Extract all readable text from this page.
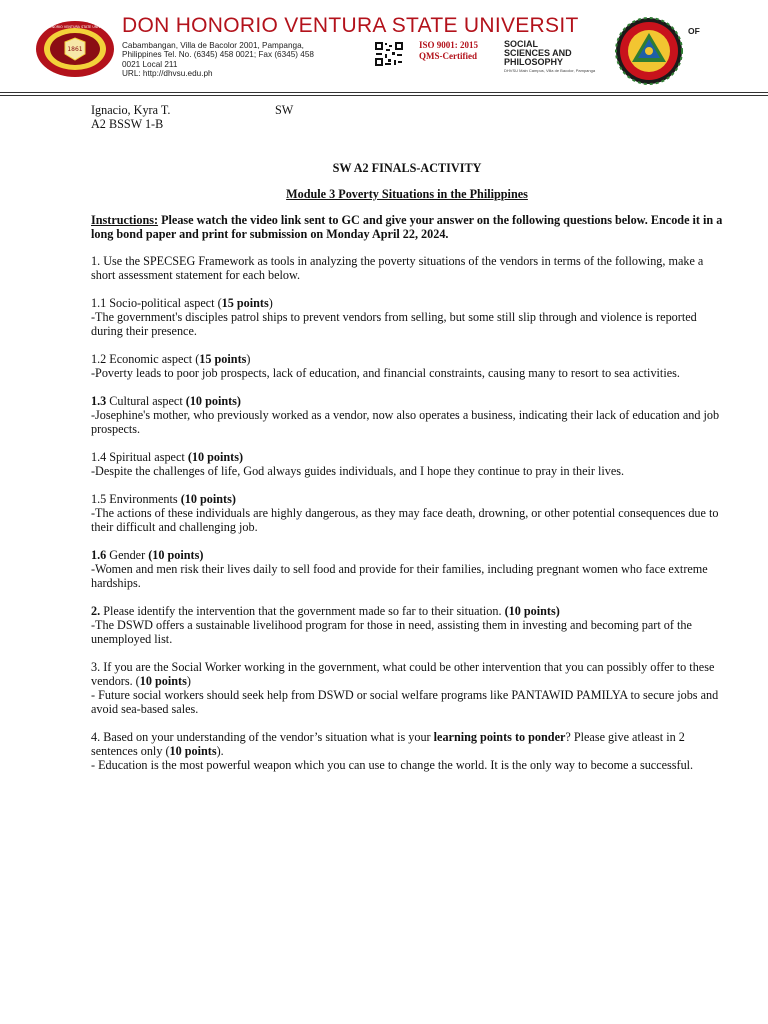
1861
DON HONORIO VENTURA STATE UNIVERSITY DON HONORIO VENTURA STATE UNIVERSIT
Cabambangan, Villa de Bacolor 2001, Pampanga,
Philippines Tel. No. (6345) 458 0021; Fax (6345) 458
0021 Local 211
URL: http://dhvsu.edu.ph
ISO 9001: 2015
QMS-Certified
OF
SOCIAL
SCIENCES AND
PHILOSOPHY
DHVSU Main Campus, Villa de Bacolor, Pampanga
Ignacio, Kyra T.	SW

A2 BSSW 1-B

SW A2 FINALS-ACTIVITY

Module 3 Poverty Situations in the Philippines

Instructions: Please watch the video link sent to GC and give your answer on the following questions below. Encode it in a long bond paper and print for submission on Monday April 22, 2024.

1. Use the SPECSEG Framework as tools in analyzing the poverty situations of the vendors in terms of the following, make a short assessment statement for each below.

1.1 Socio-political aspect (15 points)

-The government's disciples patrol ships to prevent vendors from selling, but some still slip through and violence is reported during their presence.

1.2 Economic aspect (15 points)

-Poverty leads to poor job prospects, lack of education, and financial constraints, causing many to resort to sea activities.

1.3 Cultural aspect (10 points)

-Josephine's mother, who previously worked as a vendor, now also operates a business, indicating their lack of education and job prospects.

1.4 Spiritual aspect (10 points)

-Despite the challenges of life, God always guides individuals, and I hope they continue to pray in their lives.

1.5 Environments (10 points)

-The actions of these individuals are highly dangerous, as they may face death, drowning, or other potential consequences due to their difficult and challenging job.

1.6 Gender (10 points)

-Women and men risk their lives daily to sell food and provide for their families, including pregnant women who face extreme hardships.

2. Please identify the intervention that the government made so far to their situation. (10 points)

-The DSWD offers a sustainable livelihood program for those in need, assisting them in investing and becoming part of the unemployed list.

3. If you are the Social Worker working in the government, what could be other intervention that you can possibly offer to these vendors. (10 points)

- Future social workers should seek help from DSWD or social welfare programs like PANTAWID PAMILYA to secure jobs and avoid sea-based sales.

4. Based on your understanding of the vendor’s situation what is your learning points to ponder? Please give atleast in 2 sentences only (10 points).

- Education is the most powerful weapon which you can use to change the world. It is the only way to become a successful.
